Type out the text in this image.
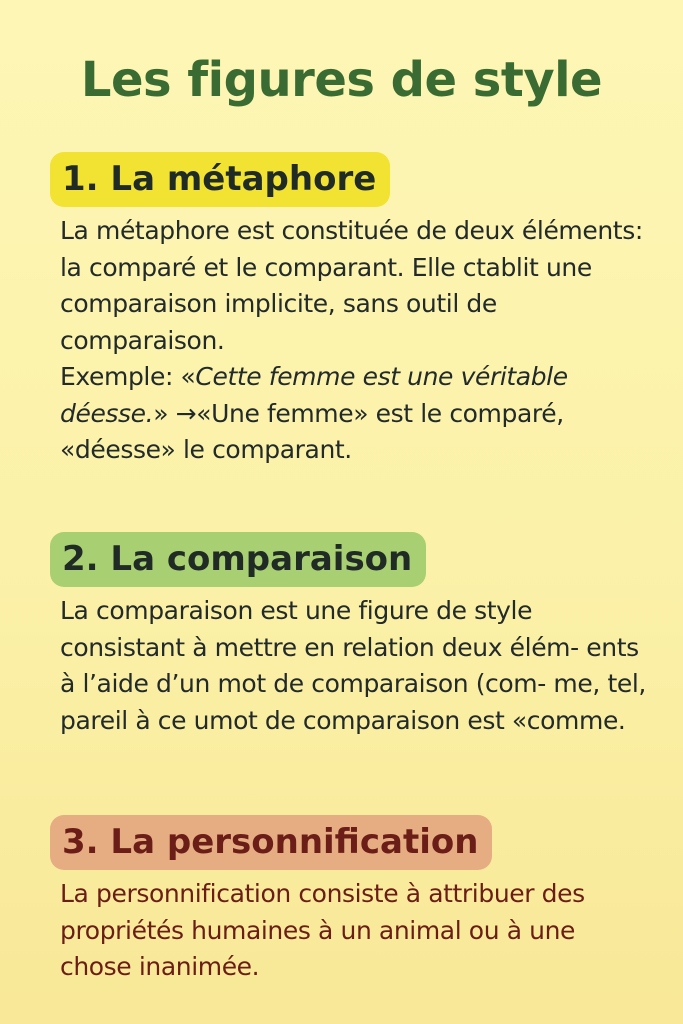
Les figures de style
1. La métaphore

La métaphore est constituée de deux éléments: la comparé et le comparant. Elle ctablit une comparaison implicite, sans outil de comparaison.

Exemple: «Cette femme est une véritable déesse.» →«Une femme» est le comparé, «déesse» le comparant.

2. La comparaison

La comparaison est une figure de style consistant à mettre en relation deux élém- ents à l’aide d’un mot de comparaison (com- me, tel, pareil à ce umot de comparaison est «comme.

3. La personnification

La personnification consiste à attribuer des propriétés humaines à un animal ou à une chose inanimée.
